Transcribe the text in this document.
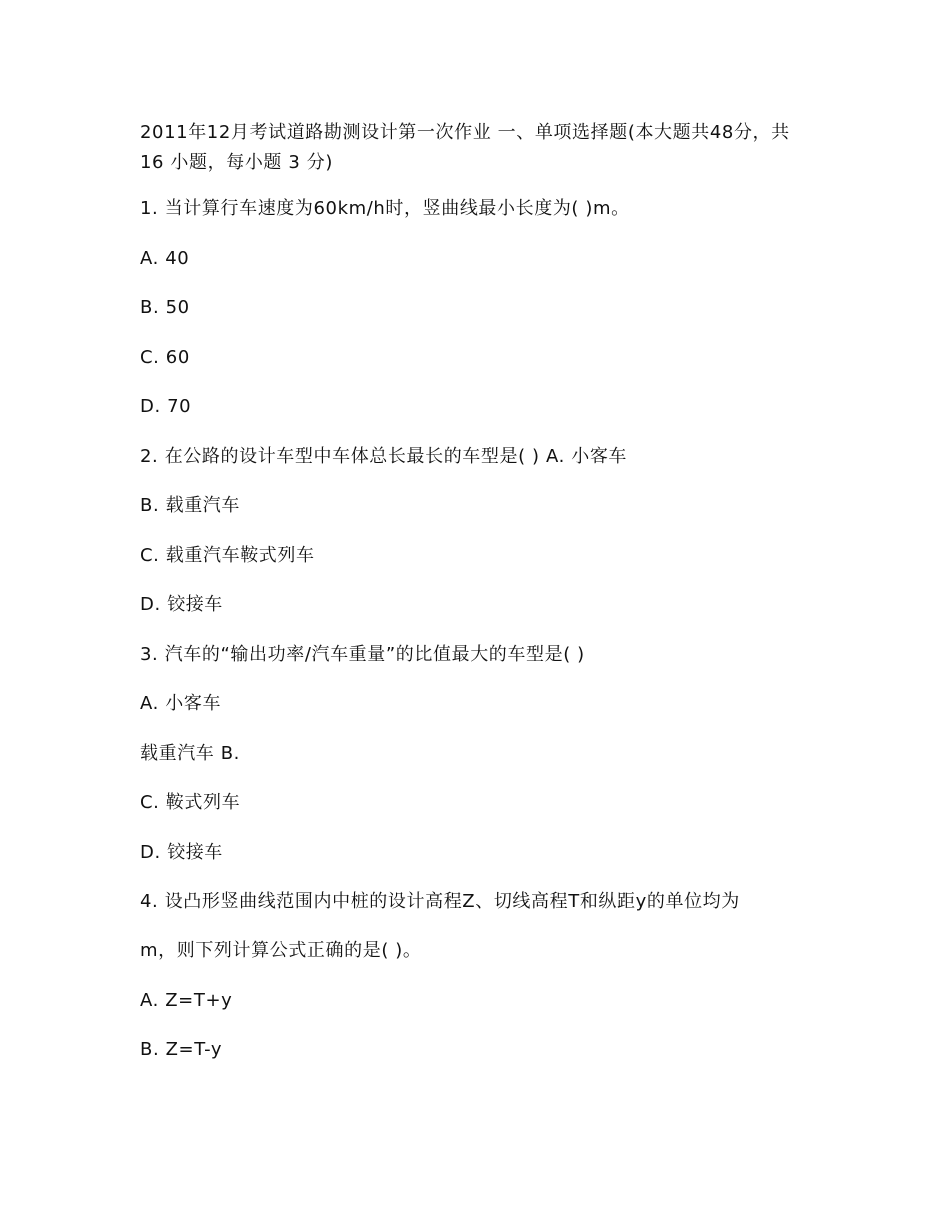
2011年12月考试道路勘测设计第一次作业 一、单项选择题(本大题共48分，共 16 小题，每小题 3 分)

1. 当计算行车速度为60km/h时，竖曲线最小长度为( )m。

A. 40

B. 50

C. 60

D. 70

2. 在公路的设计车型中车体总长最长的车型是( ) A. 小客车

B. 载重汽车

C. 载重汽车鞍式列车

D. 铰接车

3. 汽车的“输出功率/汽车重量”的比值最大的车型是( )

A. 小客车

载重汽车 B.

C. 鞍式列车

D. 铰接车

4. 设凸形竖曲线范围内中桩的设计高程Z、切线高程T和纵距y的单位均为

m，则下列计算公式正确的是( )。

A. Z=T+y

B. Z=T-y
